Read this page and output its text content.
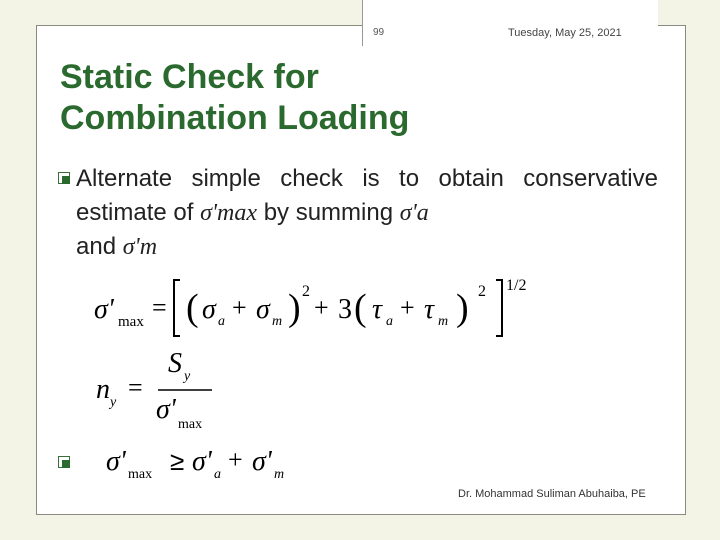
99	Tuesday, May 25, 2021
Static Check for Combination Loading
Alternate simple check is to obtain conservative estimate of σ'max by summing σ'a
and σ'm
σ' max = ( σ a + σ m ) 2
+ 3 ( τ a + τ m ) 2 1/2
n y
=
S y
σ' max
σ' max ≥ σ' a
+ σ' m
Dr. Mohammad Suliman Abuhaiba, PE
